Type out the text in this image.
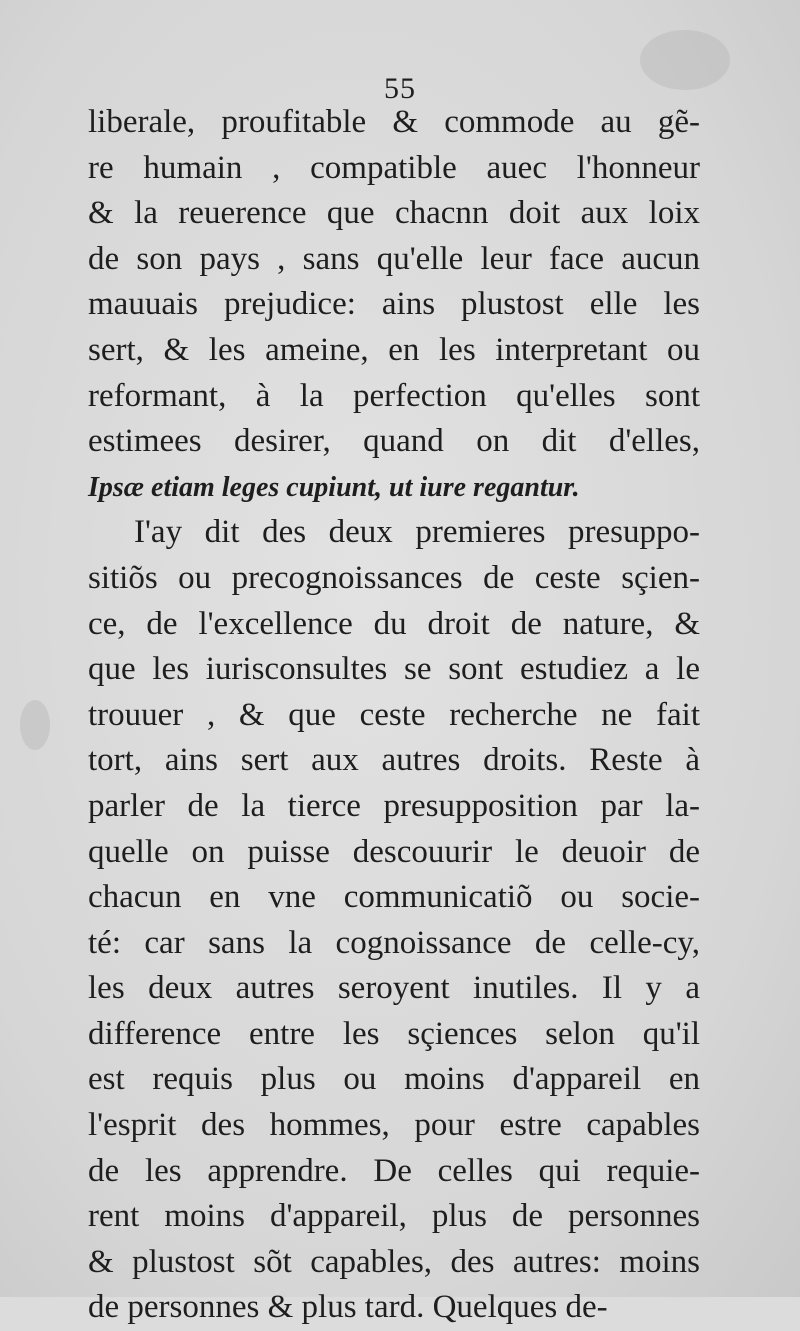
55
liberale, proufitable & commode au gẽ-
re humain , compatible auec l'honneur
& la reuerence que chacnn doit aux loix
de son pays , sans qu'elle leur face aucun
mauuais prejudice: ains plustost elle les
sert, & les ameine, en les interpretant ou
reformant, à la perfection qu'elles sont
estimees desirer, quand on dit d'elles,
Ipsæ etiam leges cupiunt, ut iure regantur.
I'ay dit des deux premieres presuppo-
sitiõs ou precognoissances de ceste sçien-
ce, de l'excellence du droit de nature, &
que les iurisconsultes se sont estudiez a le
trouuer , & que ceste recherche ne fait
tort, ains sert aux autres droits. Reste à
parler de la tierce presupposition par la-
quelle on puisse descouurir le deuoir de
chacun en vne communicatiõ ou socie-
té: car sans la cognoissance de celle-cy,
les deux autres seroyent inutiles. Il y a
difference entre les sçiences selon qu'il
est requis plus ou moins d'appareil en
l'esprit des hommes, pour estre capables
de les apprendre. De celles qui requie-
rent moins d'appareil, plus de personnes
& plustost sõt capables, des autres: moins
de personnes & plus tard. Quelques de-
